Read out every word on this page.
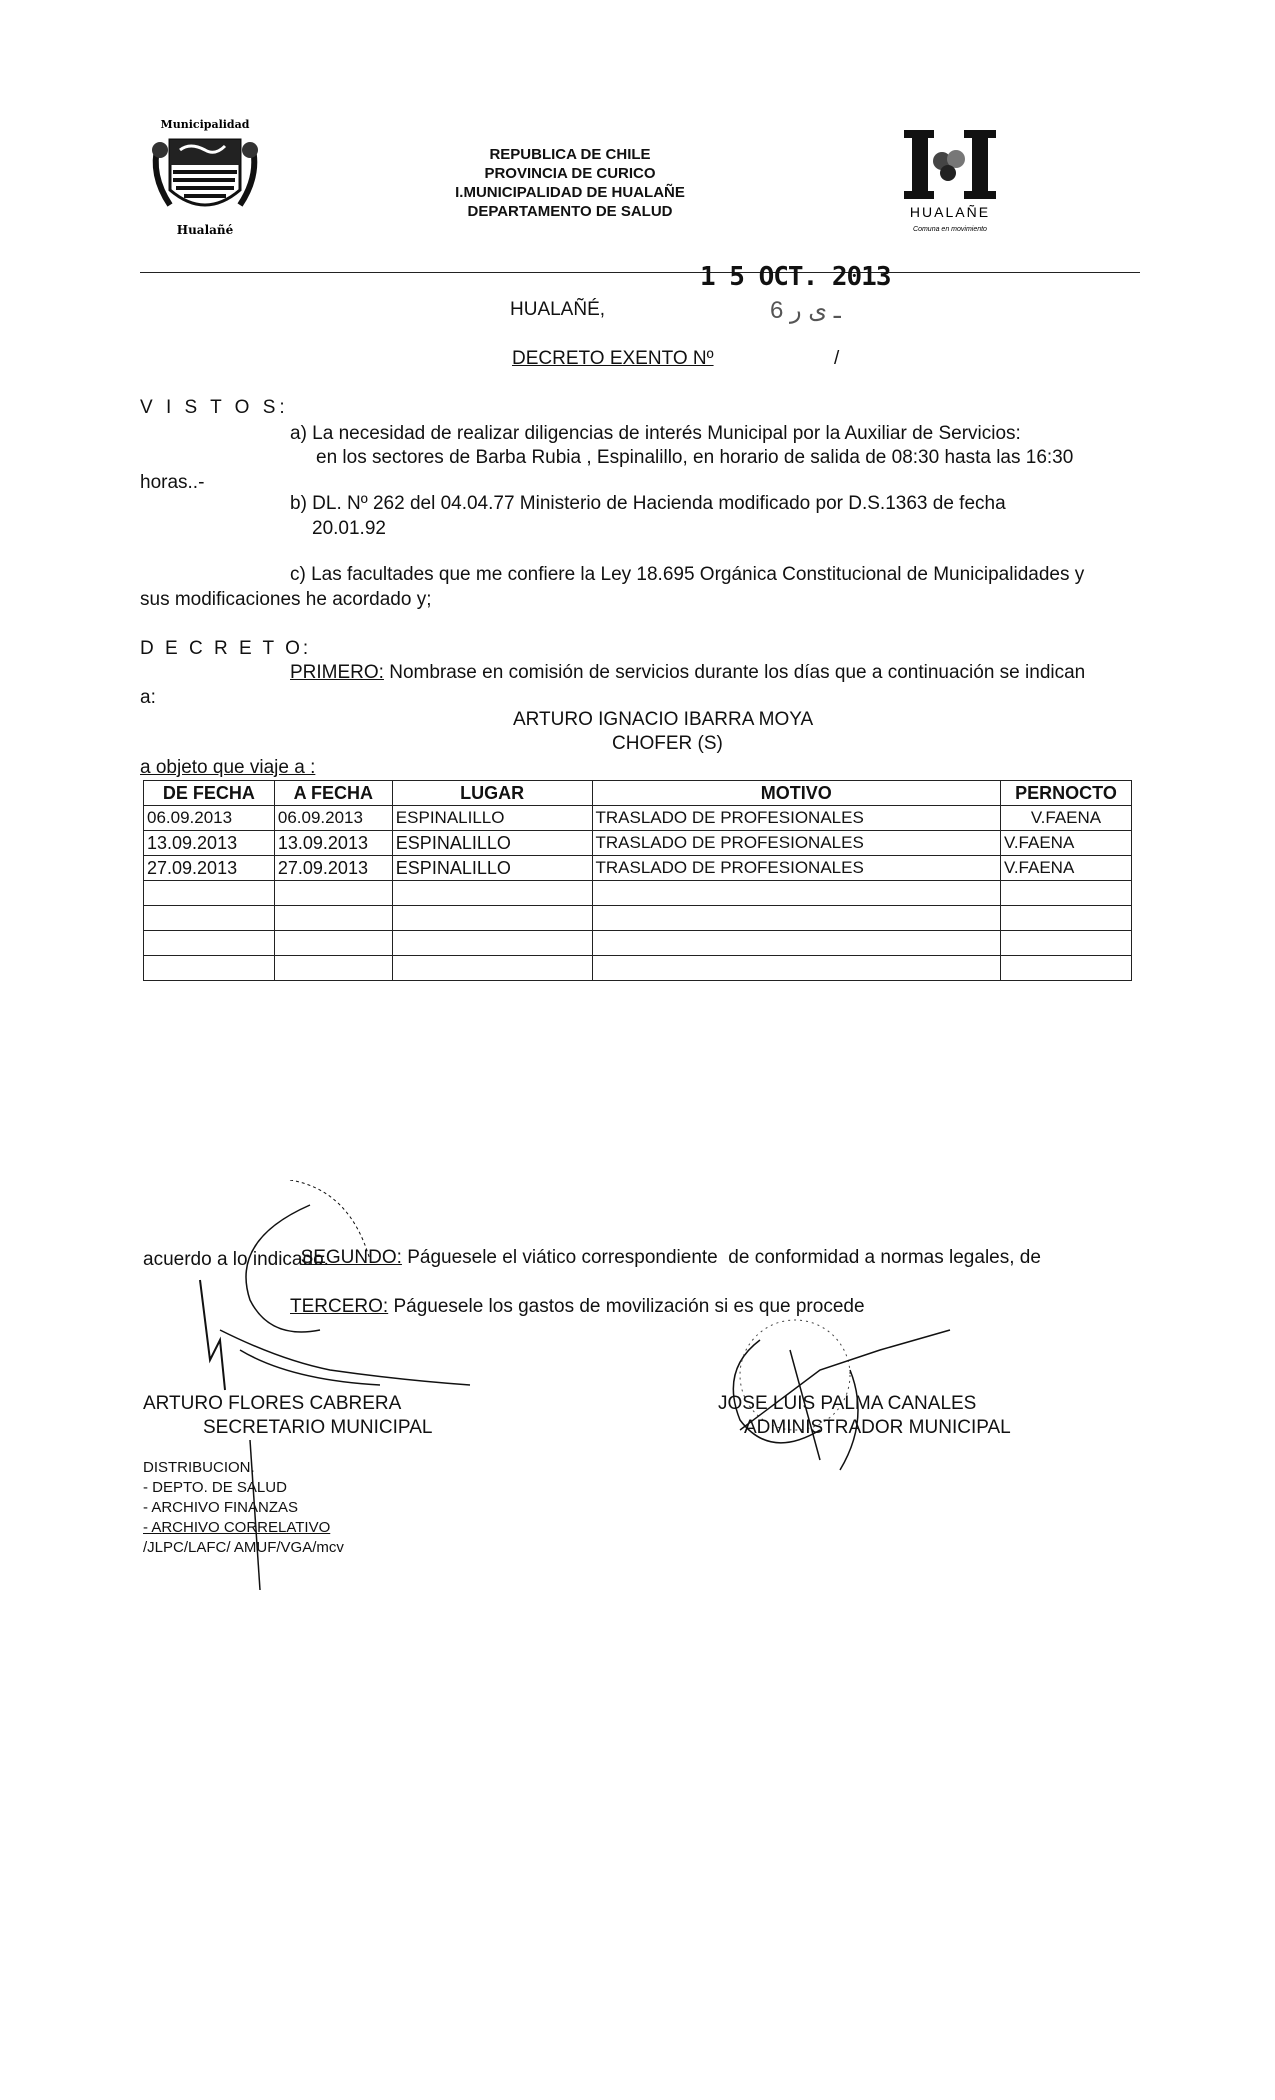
Municipalidad
Hualañé
REPUBLICA DE CHILE
PROVINCIA DE CURICO
I.MUNICIPALIDAD DE HUALAÑE
DEPARTAMENTO DE SALUD	HUALAÑE
Comuna en movimiento
1 5 OCT. 2013
HUALAÑÉ,	ـ ى ر 6
DECRETO EXENTO Nº	/
V I S T O S:
a) La necesidad de realizar diligencias de interés Municipal por la Auxiliar de Servicios:
en los sectores de Barba Rubia , Espinalillo, en horario de salida de 08:30 hasta las 16:30
horas..-
b) DL. Nº 262 del 04.04.77 Ministerio de Hacienda modificado por D.S.1363 de fecha
20.01.92
c) Las facultades que me confiere la Ley 18.695 Orgánica Constitucional de Municipalidades y
sus modificaciones he acordado y;
D E C R E T O:
PRIMERO: Nombrase en comisión de servicios durante los días que a continuación se indican
a:
ARTURO IGNACIO IBARRA MOYA
CHOFER (S)
a objeto que viaje a :
DE FECHA	A FECHA	LUGAR	MOTIVO	PERNOCTO
06.09.2013	06.09.2013	ESPINALILLO	TRASLADO DE PROFESIONALES	V.FAENA
13.09.2013	13.09.2013	ESPINALILLO	TRASLADO DE PROFESIONALES	V.FAENA
27.09.2013	27.09.2013	ESPINALILLO	TRASLADO DE PROFESIONALES	V.FAENA

SEGUNDO: Páguesele el viático correspondiente  de conformidad a normas legales, de

acuerdo a lo indicado.
TERCERO: Páguesele los gastos de movilización si es que procede
ARTURO FLORES CABRERA
SECRETARIO MUNICIPAL
JOSE LUIS PALMA CANALES
ADMINISTRADOR MUNICIPAL
DISTRIBUCION.
- DEPTO. DE SALUD
- ARCHIVO FINANZAS
- ARCHIVO CORRELATIVO
/JLPC/LAFC/ AMUF/VGA/mcv
